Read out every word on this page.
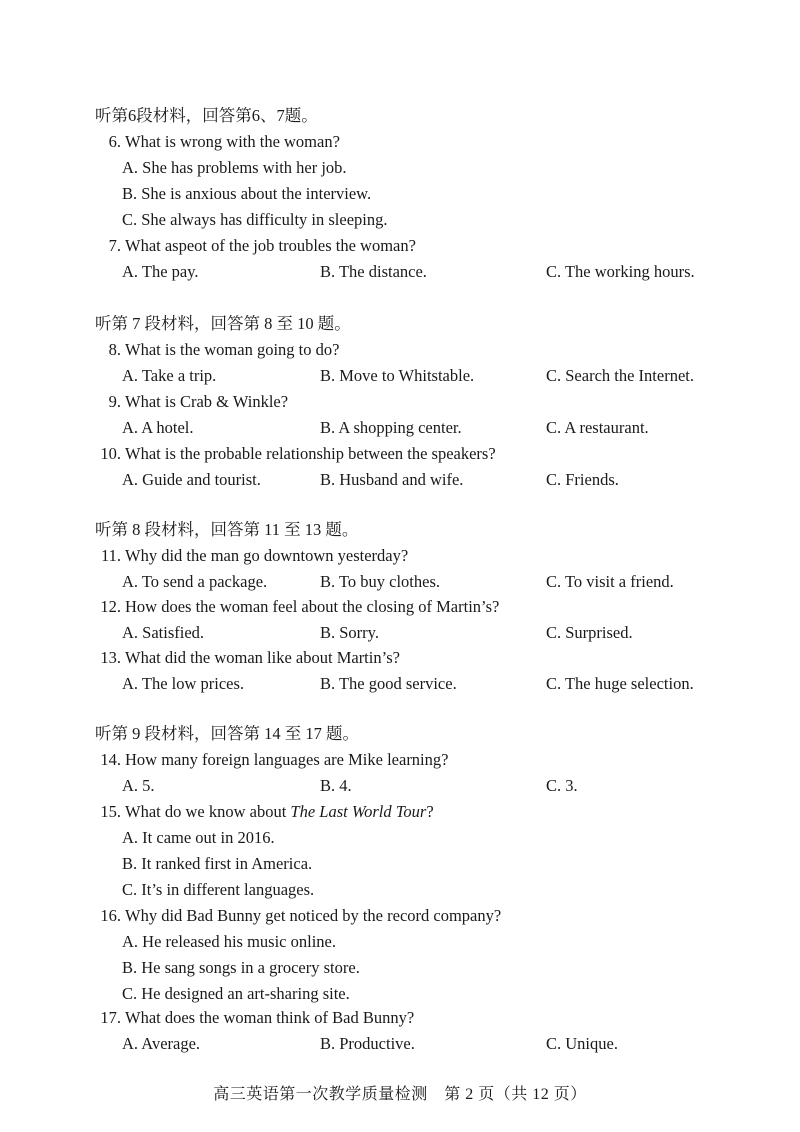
听第6段材料，回答第6、7题。
6. What is wrong with the woman?
A. She has problems with her job.
B. She is anxious about the interview.
C. She always has difficulty in sleeping.
7. What aspeot of the job troubles the woman?
A. The pay.	B. The distance.	C. The working hours.
听第 7 段材料，回答第 8 至 10 题。
8. What is the woman going to do?
A. Take a trip.	B. Move to Whitstable.	C. Search the Internet.
9. What is Crab & Winkle?
A. A hotel.	B. A shopping center.	C. A restaurant.
10. What is the probable relationship between the speakers?
A. Guide and tourist.	B. Husband and wife.	C. Friends.
听第 8 段材料，回答第 11 至 13 题。
11. Why did the man go downtown yesterday?
A. To send a package.	B. To buy clothes.	C. To visit a friend.
12. How does the woman feel about the closing of Martin’s?
A. Satisfied.	B. Sorry.	C. Surprised.
13. What did the woman like about Martin’s?
A. The low prices.	B. The good service.	C. The huge selection.
听第 9 段材料，回答第 14 至 17 题。
14. How many foreign languages are Mike learning?
A. 5.	B. 4.	C. 3.
15. What do we know about The Last World Tour?
A. It came out in 2016.
B. It ranked first in America.
C. It’s in different languages.
16. Why did Bad Bunny get noticed by the record company?
A. He released his music online.
B. He sang songs in a grocery store.
C. He designed an art-sharing site.
17. What does the woman think of Bad Bunny?
A. Average.	B. Productive.	C. Unique.
高三英语第一次教学质量检测　第 2 页（共 12 页）
